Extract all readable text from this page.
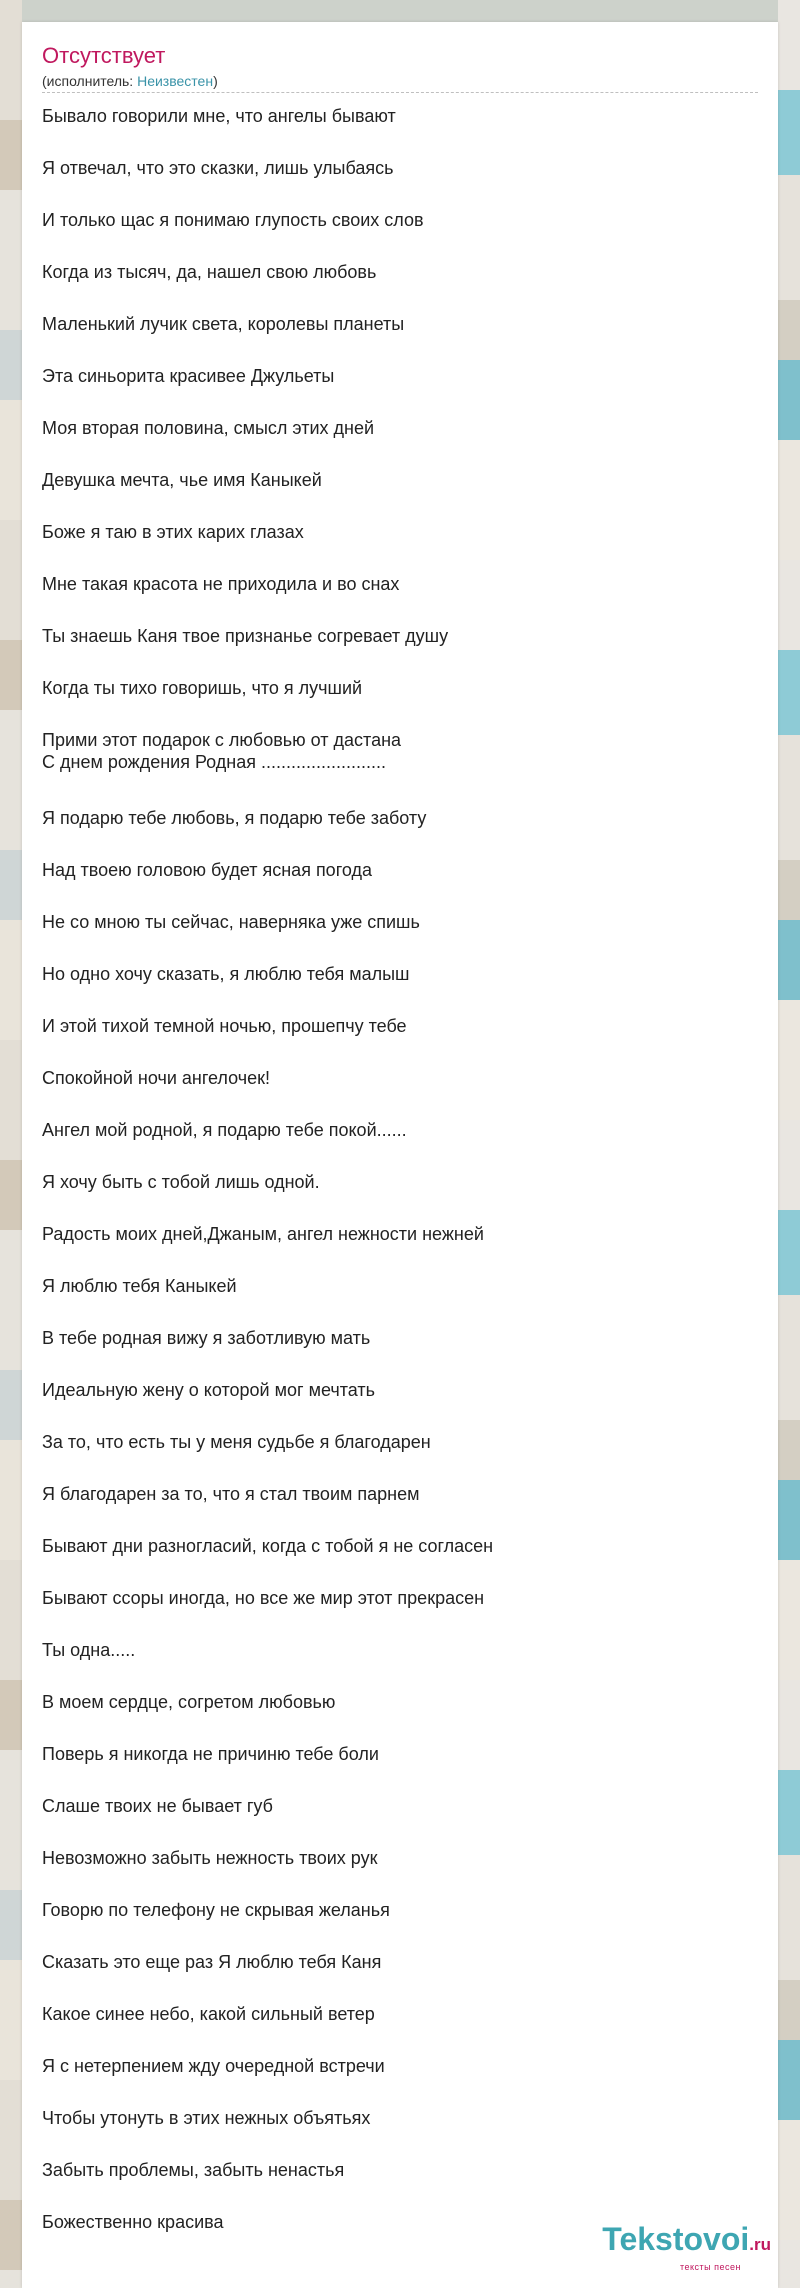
Отсутствует
(исполнитель: Неизвестен)
Бывало говорили мне, что ангелы бывают
Я отвечал, что это сказки, лишь улыбаясь
И только щас я понимаю глупость своих слов
Когда из тысяч, да, нашел свою любовь
Маленький лучик света, королевы планеты
Эта синьорита красивее Джульеты
Моя вторая половина, смысл этих дней
Девушка мечта, чье имя Каныкей
Боже я таю в этих карих глазах
Мне такая красота не приходила и во снах
Ты знаешь Каня твое признанье согревает душу
Когда ты тихо говоришь, что я лучший
Прими этот подарок с любовью от дастана
С днем рождения Родная .........................
Я подарю тебе любовь, я подарю тебе заботу
Над твоею головою будет ясная погода
Не со мною ты сейчас, наверняка уже спишь
Но одно хочу сказать, я люблю тебя малыш
И этой тихой темной ночью, прошепчу тебе
Спокойной ночи ангелочек!
Ангел мой родной, я подарю тебе покой......
Я хочу быть с тобой лишь одной.
Радость моих дней,Джаным, ангел нежности нежней
Я люблю тебя Каныкей
В тебе родная вижу я заботливую мать
Идеальную жену о которой мог мечтать
За то, что есть ты у меня судьбе я благодарен
Я благодарен за то, что я стал твоим парнем
Бывают дни разногласий, когда с тобой я не согласен
Бывают ссоры иногда, но все же мир этот прекрасен
Ты одна.....
В моем сердце, согретом любовью
Поверь я никогда не причиню тебе боли
Слаше твоих не бывает губ
Невозможно забыть нежность твоих рук
Говорю по телефону не скрывая желанья
Сказать это еще раз Я люблю тебя Каня
Какое синее небо, какой сильный ветер
Я с нетерпением жду очередной встречи
Чтобы утонуть в этих нежных объятьях
Забыть проблемы, забыть ненастья
Божественно красива	Tekstovoi.ru
тексты песен
